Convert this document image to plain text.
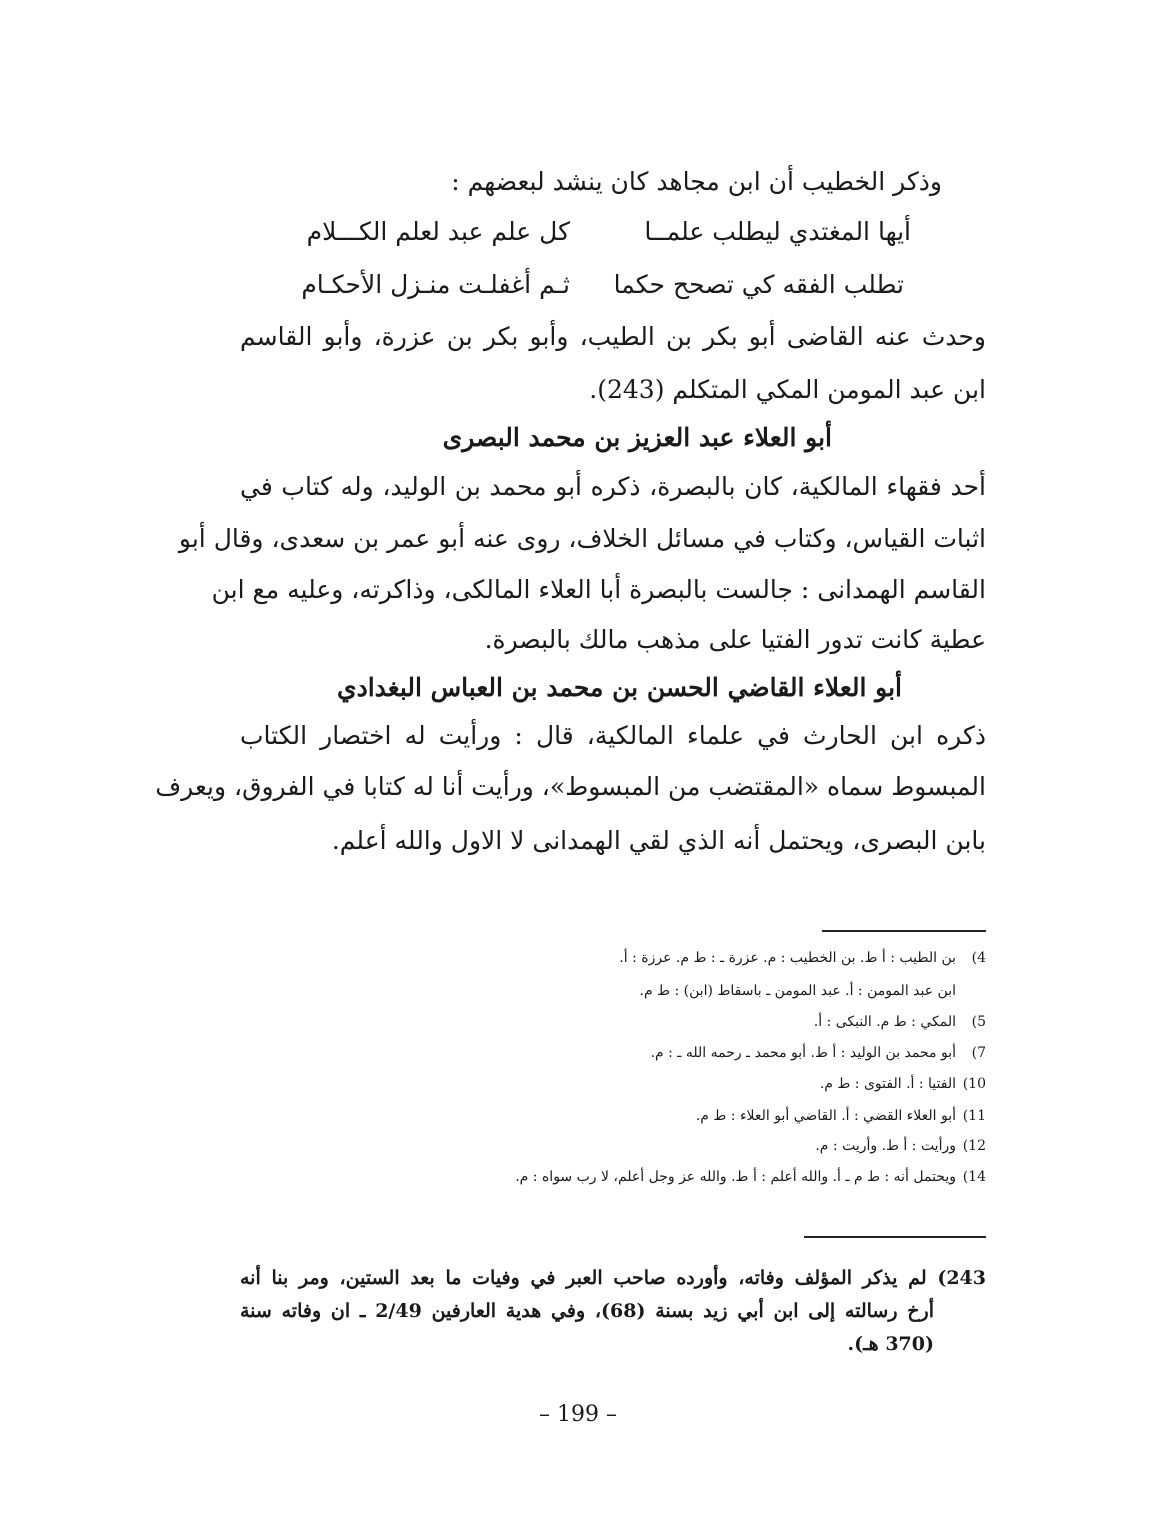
وذكر الخطيب أن ابن مجاهد كان ينشد لبعضهم :
أيها المغتدي ليطلب علمــا
كل علم عبد لعلم الكـــلام
تطلب الفقه كي تصحح حكما
ثـم أغفلـت منـزل الأحكـام
وحدث عنه القاضى أبو بكر بن الطيب، وأبو بكر بن عزرة، وأبو القاسم
ابن عبد المومن المكي المتكلم (243).
أبو العلاء عبد العزيز بن محمد البصرى
أحد فقهاء المالكية، كان بالبصرة، ذكره أبو محمد بن الوليد، وله كتاب في
اثبات القياس، وكتاب في مسائل الخلاف، روى عنه أبو عمر بن سعدى، وقال أبو
القاسم الهمدانى : جالست بالبصرة أبا العلاء المالكى، وذاكرته، وعليه مع ابن
عطية كانت تدور الفتيا على مذهب مالك بالبصرة.
أبو العلاء القاضي الحسن بن محمد بن العباس البغدادي
ذكره ابن الحارث في علماء المالكية، قال : ورأيت له اختصار الكتاب
المبسوط سماه «المقتضب من المبسوط»، ورأيت أنا له كتابا في الفروق، ويعرف
بابن البصرى، ويحتمل أنه الذي لقي الهمدانى لا الاول والله أعلم.
4)بن الطيب : أ ط. بن الخطيب : م. عزرة ـ : ط م. عرزة : أ.
ابن عبد المومن : أ. عبد المومن ـ باسقاط (ابن) : ط م.
5)المكي : ط م. النبكى : أ.
7)أبو محمد بن الوليد : أ ط. أبو محمد ـ رحمه الله ـ : م.
10)الفتيا : أ. الفتوى : ط م.
11)أبو العلاء القضي : أ. القاضي أبو العلاء : ط م.
12)ورأيت : أ ط. وأريت : م.
14)ويحتمل أنه : ط م ـ أ. والله أعلم : أ ط. والله عز وجل أعلم، لا رب سواه : م.
243) لم يذكر المؤلف وفاته، وأورده صاحب العبر في وفيات ما بعد الستين، ومر بنا أنه
أرخ رسالته إلى ابن أبي زيد بسنة (68)، وفي هدية العارفين 2/49 ـ ان وفاته سنة
(370 هـ).
– 199 –
